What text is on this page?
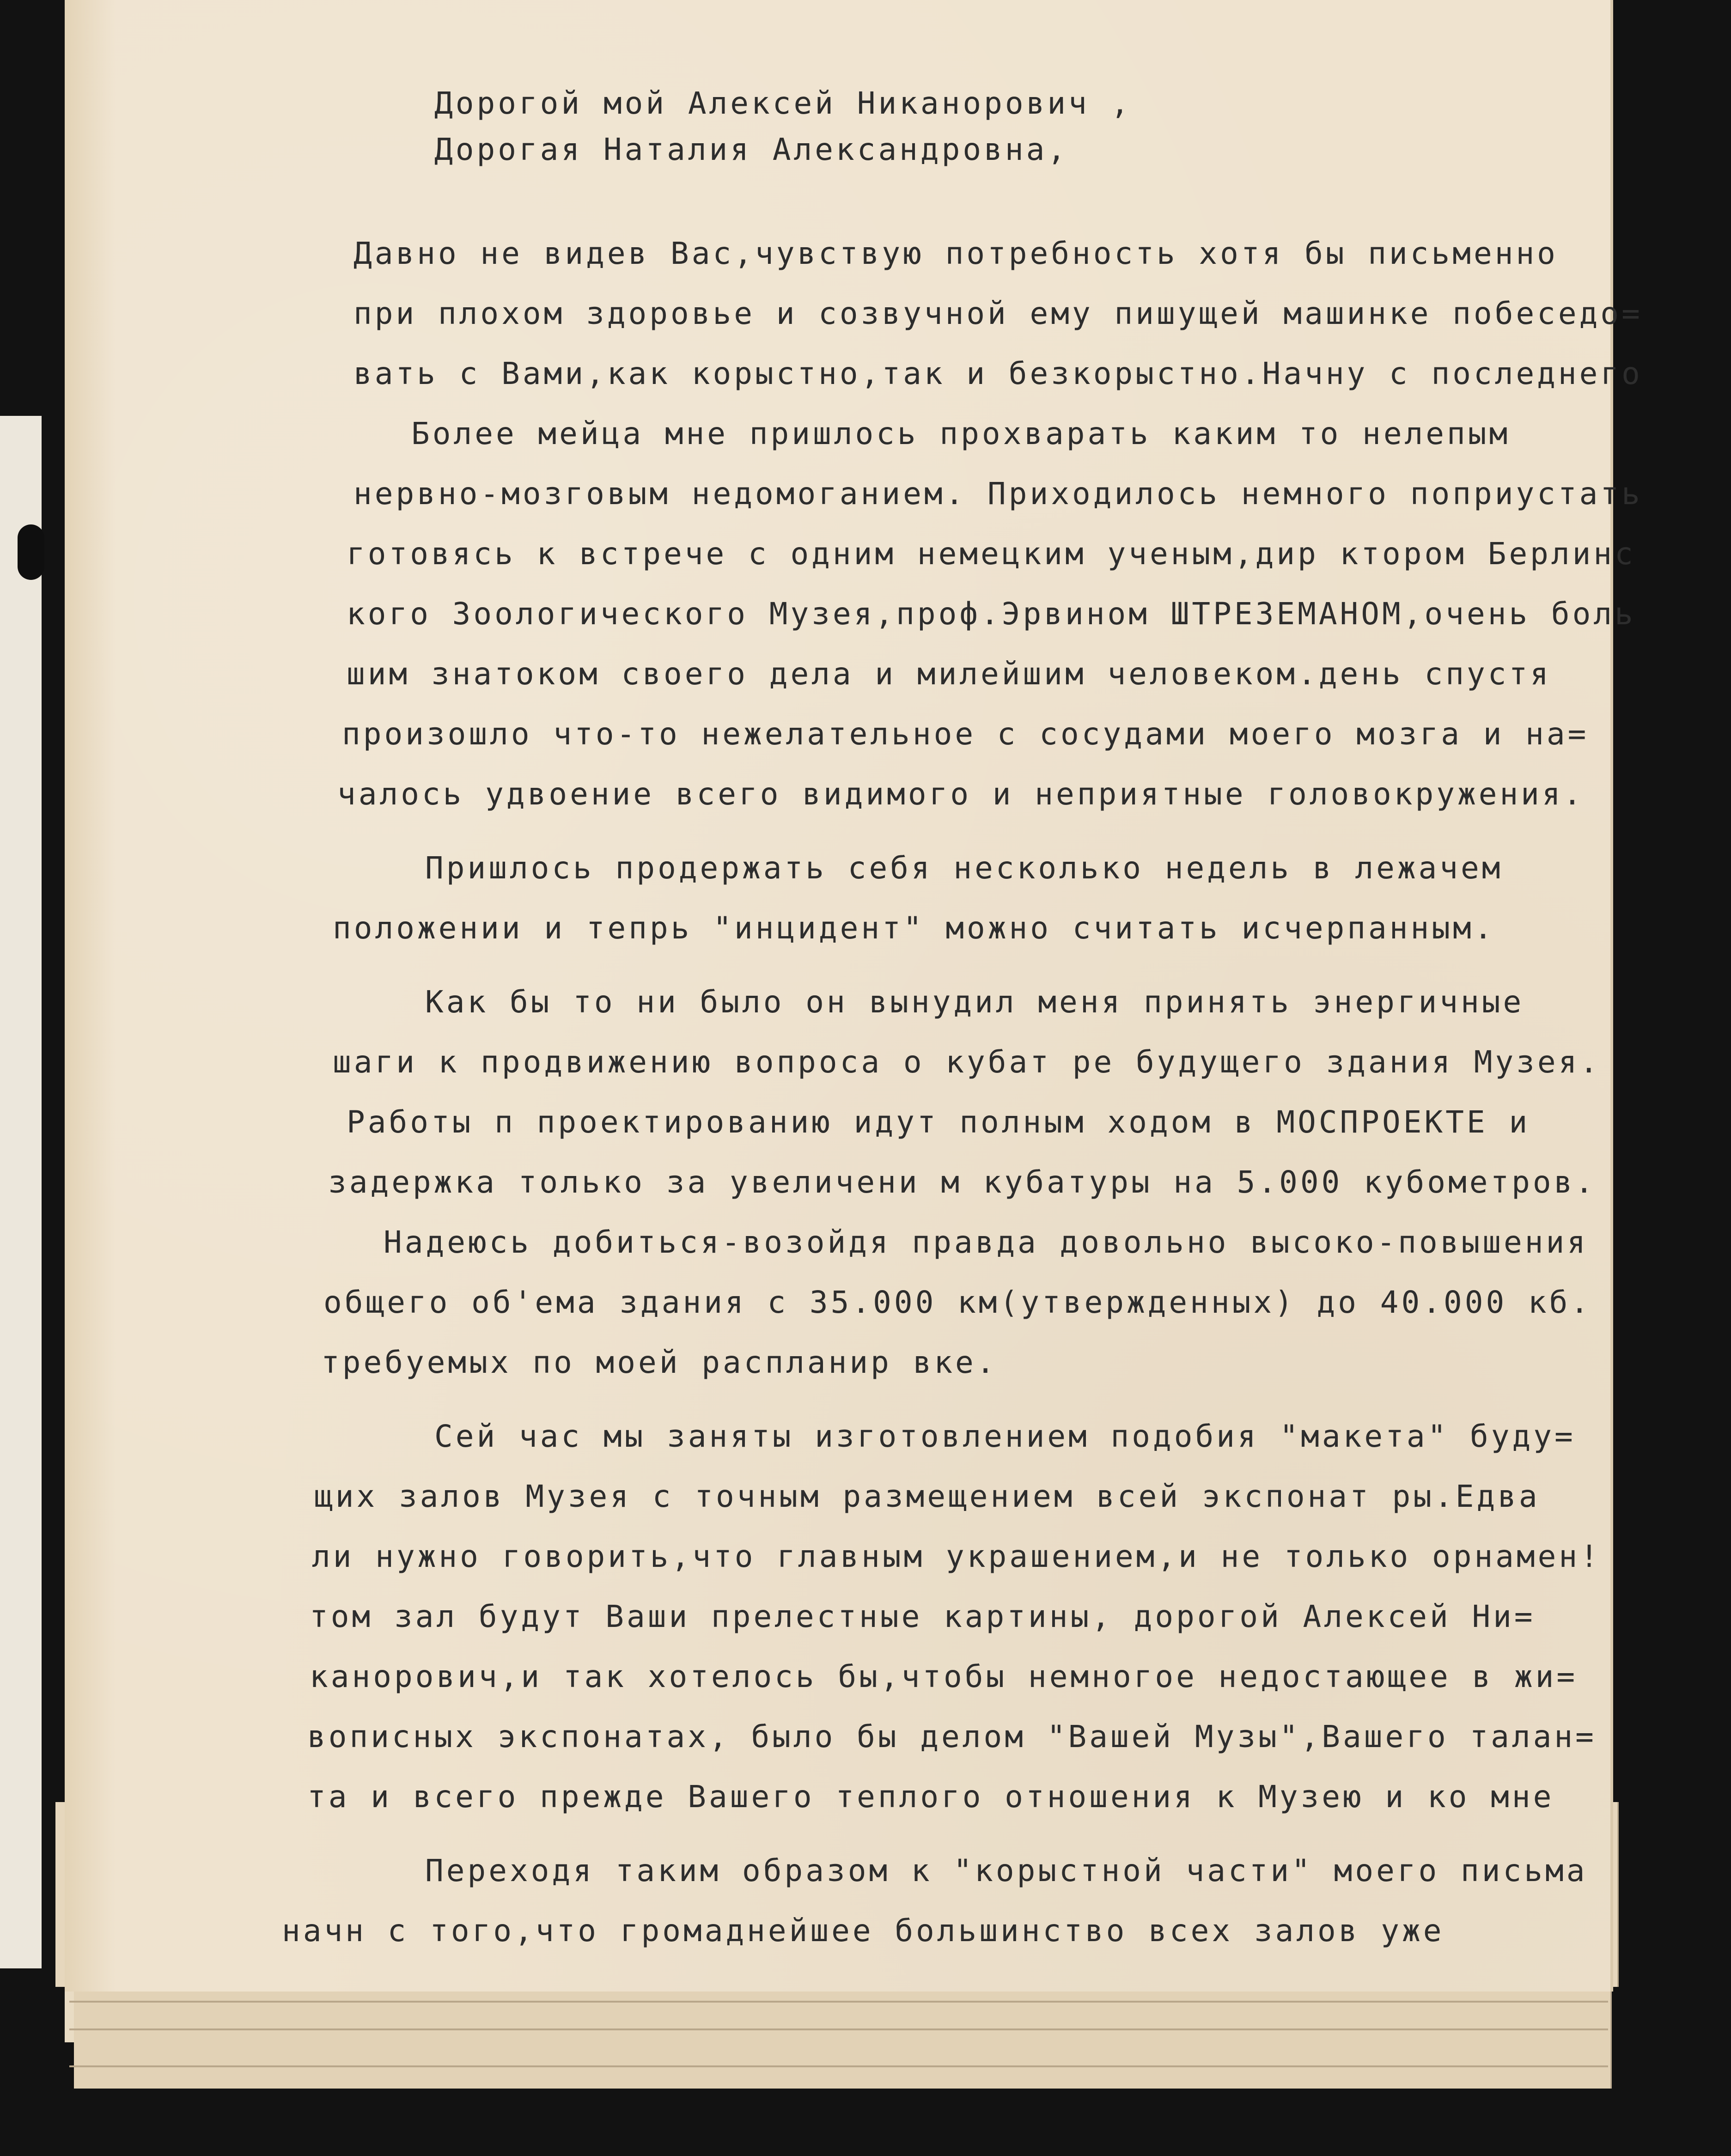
Дорогой мой Алексей Никанорович ,
Дорогая Наталия Александровна,
Давно не видев Вас,чувствую потребность хотя бы письменно
при плохом здоровье и созвучной ему пишущей машинке побеседо=
вать с Вами,как корыстно,так и безкорыстно.Начну с последнего
Более мейца мне пришлось прохварать каким то нелепым
нервно-мозговым недомоганием. Приходилось немного поприустать
готовясь к встрече с одним немецким ученым,дир ктором Берлинс
кого Зоологического Музея,проф.Эрвином ШТРЕЗЕМАНОМ,очень боль
шим знатоком своего дела и милейшим человеком.день спустя
произошло что-то нежелательное с сосудами моего мозга и на=
чалось удвоение всего видимого и неприятные головокружения.
Пришлось продержать себя несколько недель в лежачем
положении и тепрь "инцидент" можно считать исчерпанным.
Как бы то ни было он вынудил меня принять энергичные
шаги к продвижению вопроса о кубат ре будущего здания Музея.
Работы п проектированию идут полным ходом в МОСПРОЕКТЕ и
задержка только за увеличени м кубатуры на 5.000 кубометров.
Надеюсь добиться-возойдя правда довольно высоко-повышения
общего об'ема здания с 35.000 км(утвержденных) до 40.000 кб.
требуемых по моей распланир вке.
Сей час мы заняты изготовлением подобия "макета" буду=
щих залов Музея с точным размещением всей экспонат ры.Едва
ли нужно говорить,что главным украшением,и не только орнамен!
том зал будут Ваши прелестные картины, дорогой Алексей Ни=
канорович,и так хотелось бы,чтобы немногое недостающее в жи=
вописных экспонатах, было бы делом "Вашей Музы",Вашего талан=
та и всего прежде Вашего теплого отношения к Музею и ко мне
Переходя таким образом к "корыстной части" моего письма
начн с того,что громаднейшее большинство всех залов уже
